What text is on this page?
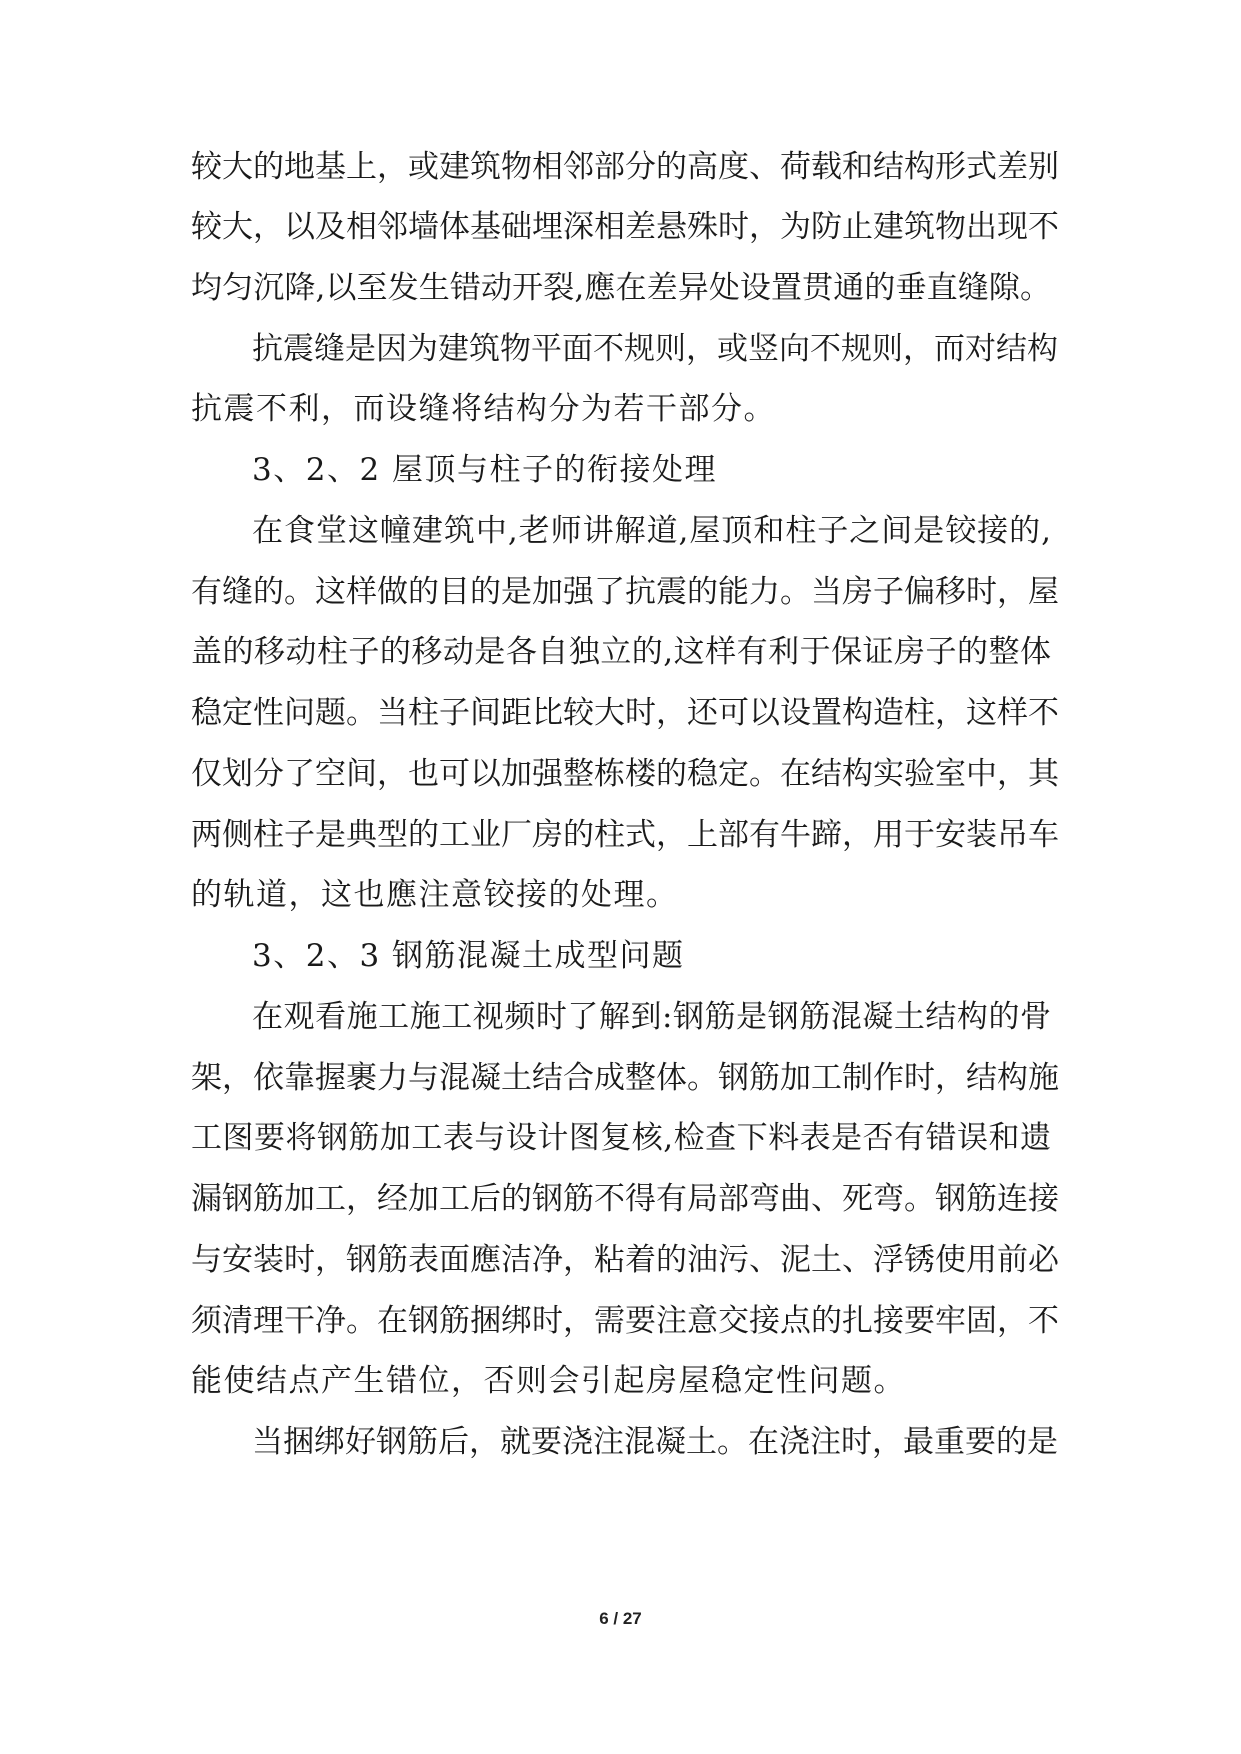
较大的地基上，或建筑物相邻部分的高度、荷载和结构形式差别
较大，以及相邻墙体基础埋深相差悬殊时，为防止建筑物出现不
均匀沉降,以至发生错动开裂,應在差异处设置贯通的垂直缝隙。
抗震缝是因为建筑物平面不规则，或竖向不规则，而对结构
抗震不利，而设缝将结构分为若干部分。
3、2、2 屋顶与柱子的衔接处理
在食堂这幢建筑中,老师讲解道,屋顶和柱子之间是铰接的,
有缝的。这样做的目的是加强了抗震的能力。当房子偏移时，屋
盖的移动柱子的移动是各自独立的,这样有利于保证房子的整体
稳定性问题。当柱子间距比较大时，还可以设置构造柱，这样不
仅划分了空间，也可以加强整栋楼的稳定。在结构实验室中，其
两侧柱子是典型的工业厂房的柱式，上部有牛蹄，用于安装吊车
的轨道，这也應注意铰接的处理。
3、2、3 钢筋混凝土成型问题
在观看施工施工视频时了解到:钢筋是钢筋混凝土结构的骨
架，依靠握裹力与混凝土结合成整体。钢筋加工制作时，结构施
工图要将钢筋加工表与设计图复核,检查下料表是否有错误和遗
漏钢筋加工，经加工后的钢筋不得有局部弯曲、死弯。钢筋连接
与安装时，钢筋表面應洁净，粘着的油污、泥土、浮锈使用前必
须清理干净。在钢筋捆绑时，需要注意交接点的扎接要牢固，不
能使结点产生错位，否则会引起房屋稳定性问题。
当捆绑好钢筋后，就要浇注混凝土。在浇注时，最重要的是
6 / 27
